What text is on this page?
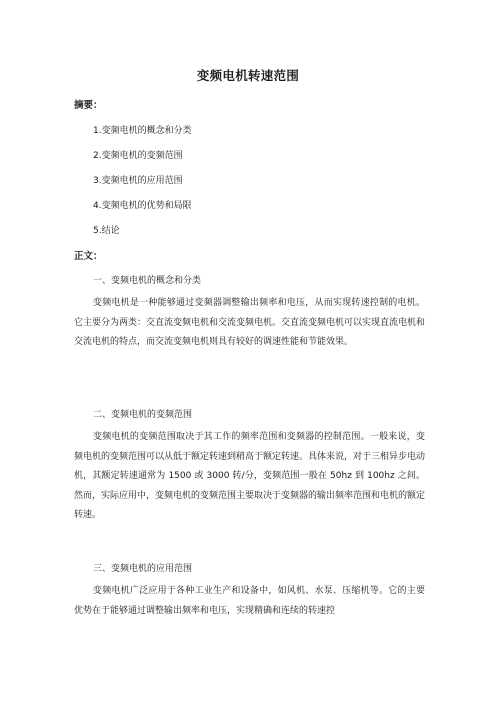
变频电机转速范围
摘要：
1.变频电机的概念和分类
2.变频电机的变频范围
3.变频电机的应用范围
4.变频电机的优势和局限
5.结论
正文：
一、变频电机的概念和分类
变频电机是一种能够通过变频器调整输出频率和电压，从而实现转速控制的电机。它主要分为两类：交直流变频电机和交流变频电机。交直流变频电机可以实现直流电机和交流电机的特点，而交流变频电机则具有较好的调速性能和节能效果。
二、变频电机的变频范围
变频电机的变频范围取决于其工作的频率范围和变频器的控制范围。一般来说，变频电机的变频范围可以从低于额定转速到稍高于额定转速。具体来说，对于三相异步电动机，其额定转速通常为 1500 或 3000 转/分，变频范围一般在 50hz 到 100hz 之间。然而，实际应用中，变频电机的变频范围主要取决于变频器的输出频率范围和电机的额定转速。
三、变频电机的应用范围
变频电机广泛应用于各种工业生产和设备中，如风机、水泵、压缩机等。它的主要优势在于能够通过调整输出频率和电压，实现精确和连续的转速控
